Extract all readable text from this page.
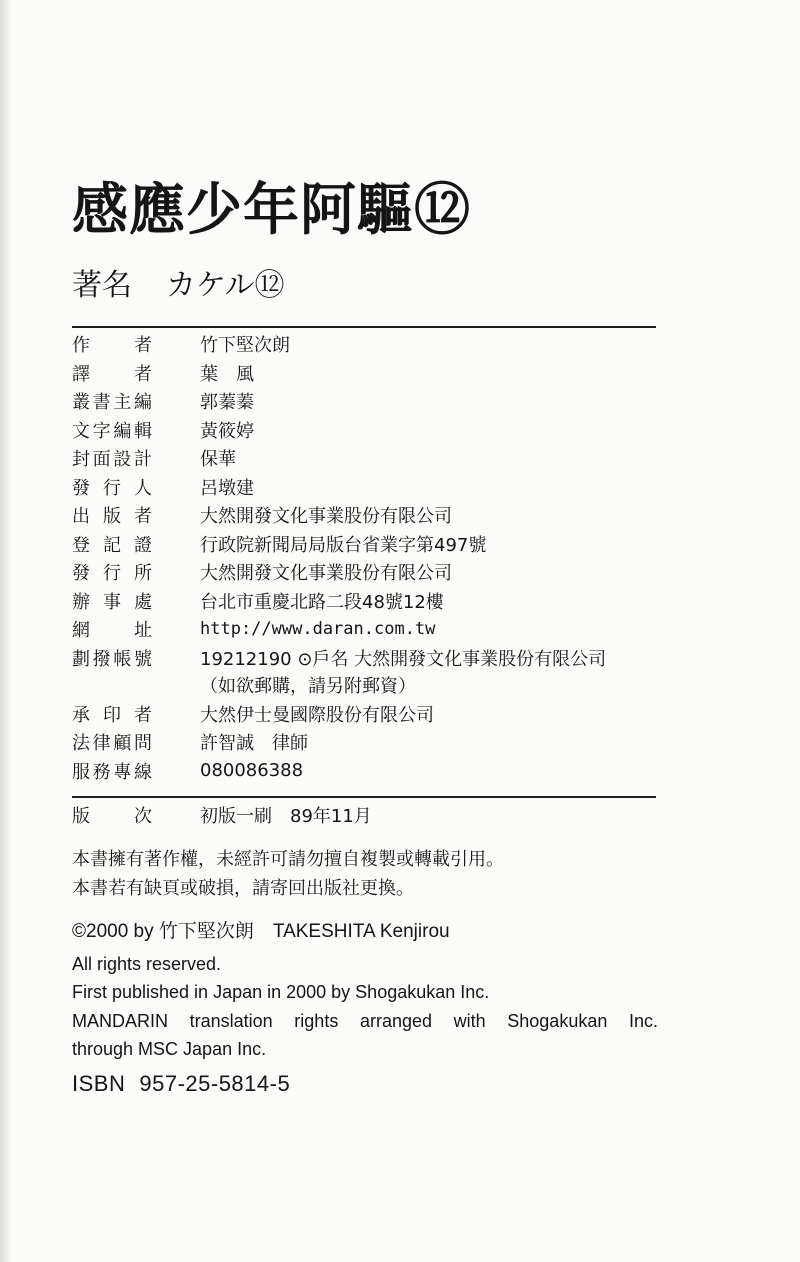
感應少年阿驅⑫
著名 カケル⑫
作者	竹下堅次朗
譯者	葉　風
叢書主編	郭蓁蓁
文字編輯	黃筱婷
封面設計	保華
發行人	呂墩建
出版者	大然開發文化事業股份有限公司
登記證	行政院新聞局局版台省業字第497號
發行所	大然開發文化事業股份有限公司
辦事處	台北市重慶北路二段48號12樓
網址	http://www.daran.com.tw
劃撥帳號	19212190 ⊙戶名 大然開發文化事業股份有限公司
（如欲郵購，請另附郵資）
承印者	大然伊士曼國際股份有限公司
法律顧問	許智誠　律師
服務專線	080086388
版次	初版一刷　89年11月
本書擁有著作權，未經許可請勿擅自複製或轉載引用。
本書若有缺頁或破損，請寄回出版社更換。
©2000 by 竹下堅次朗　TAKESHITA Kenjirou
All rights reserved.
First published in Japan in 2000 by Shogakukan Inc.
MANDARIN translation rights arranged with Shogakukan Inc.
through MSC Japan Inc.
ISBN 957-25-5814-5
